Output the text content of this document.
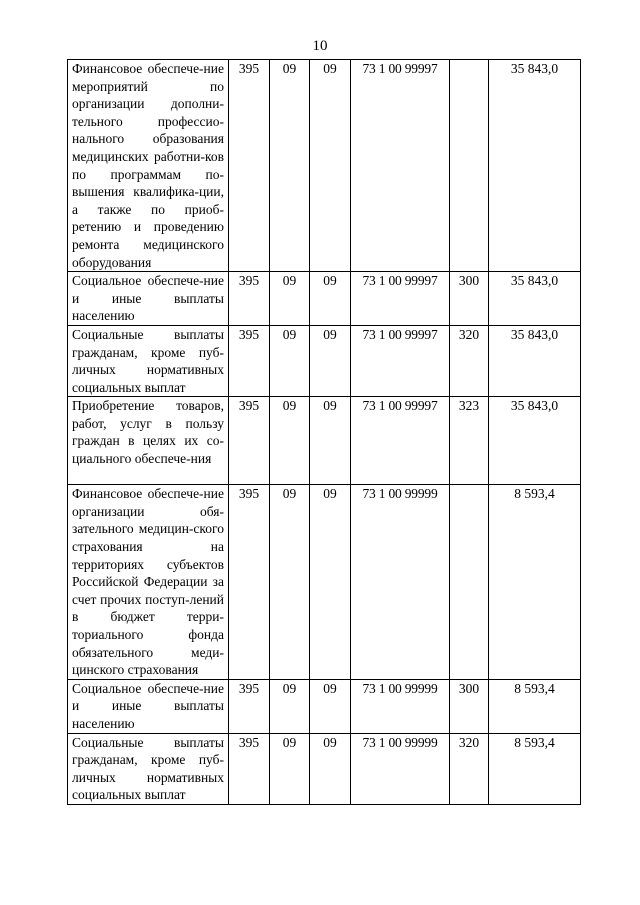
10
Финансовое обеспече-ние мероприятий по организации дополни-тельного профессио-нального образования медицинских работни-ков по программам по-вышения квалифика-ции, а также по приоб-ретению и проведению ремонта медицинского оборудования	395	09	09	73 1 00 99997		35 843,0
Социальное обеспече-ние и иные выплаты населению	395	09	09	73 1 00 99997	300	35 843,0
Социальные выплаты гражданам, кроме пуб-личных нормативных социальных выплат	395	09	09	73 1 00 99997	320	35 843,0
Приобретение товаров, работ, услуг в пользу граждан в целях их со-циального обеспече-ния	395	09	09	73 1 00 99997	323	35 843,0
Финансовое обеспече-ние организации обя-зательного медицин-ского страхования на территориях субъектов Российской Федерации за счет прочих поступ-лений в бюджет терри-ториального фонда обязательного меди-цинского страхования	395	09	09	73 1 00 99999		8 593,4
Социальное обеспече-ние и иные выплаты населению	395	09	09	73 1 00 99999	300	8 593,4
Социальные выплаты гражданам, кроме пуб-личных нормативных социальных выплат	395	09	09	73 1 00 99999	320	8 593,4
